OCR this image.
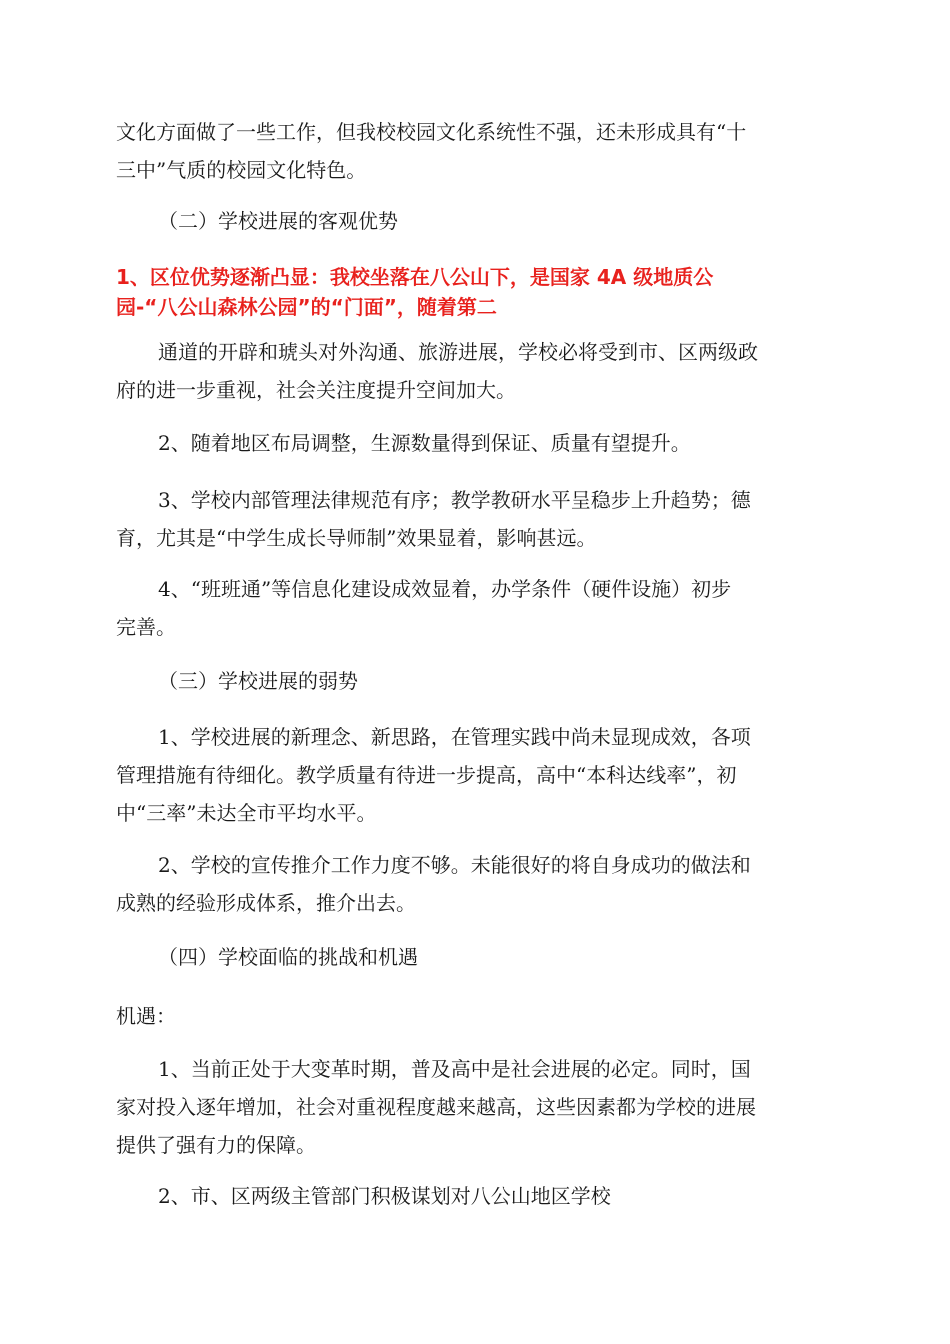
文化方面做了一些工作，但我校校园文化系统性不强，还未形成具有“十
三中”气质的校园文化特色。

（二）学校进展的客观优势

1、区位优势逐渐凸显：我校坐落在八公山下，是国家 4A 级地质公
园-“八公山森林公园”的“门面”，随着第二

通道的开辟和琥头对外沟通、旅游进展，学校必将受到市、区两级政
府的进一步重视，社会关注度提升空间加大。

2、随着地区布局调整，生源数量得到保证、质量有望提升。

3、学校内部管理法律规范有序；教学教研水平呈稳步上升趋势；德
育，尤其是“中学生成长导师制”效果显着，影响甚远。

4、“班班通”等信息化建设成效显着，办学条件（硬件设施）初步
完善。

（三）学校进展的弱势

1、学校进展的新理念、新思路，在管理实践中尚未显现成效，各项
管理措施有待细化。教学质量有待进一步提高，高中“本科达线率”，初
中“三率”未达全市平均水平。

2、学校的宣传推介工作力度不够。未能很好的将自身成功的做法和
成熟的经验形成体系，推介出去。

（四）学校面临的挑战和机遇

机遇：

1、当前正处于大变革时期，普及高中是社会进展的必定。同时，国
家对投入逐年增加，社会对重视程度越来越高，这些因素都为学校的进展
提供了强有力的保障。

2、市、区两级主管部门积极谋划对八公山地区学校
